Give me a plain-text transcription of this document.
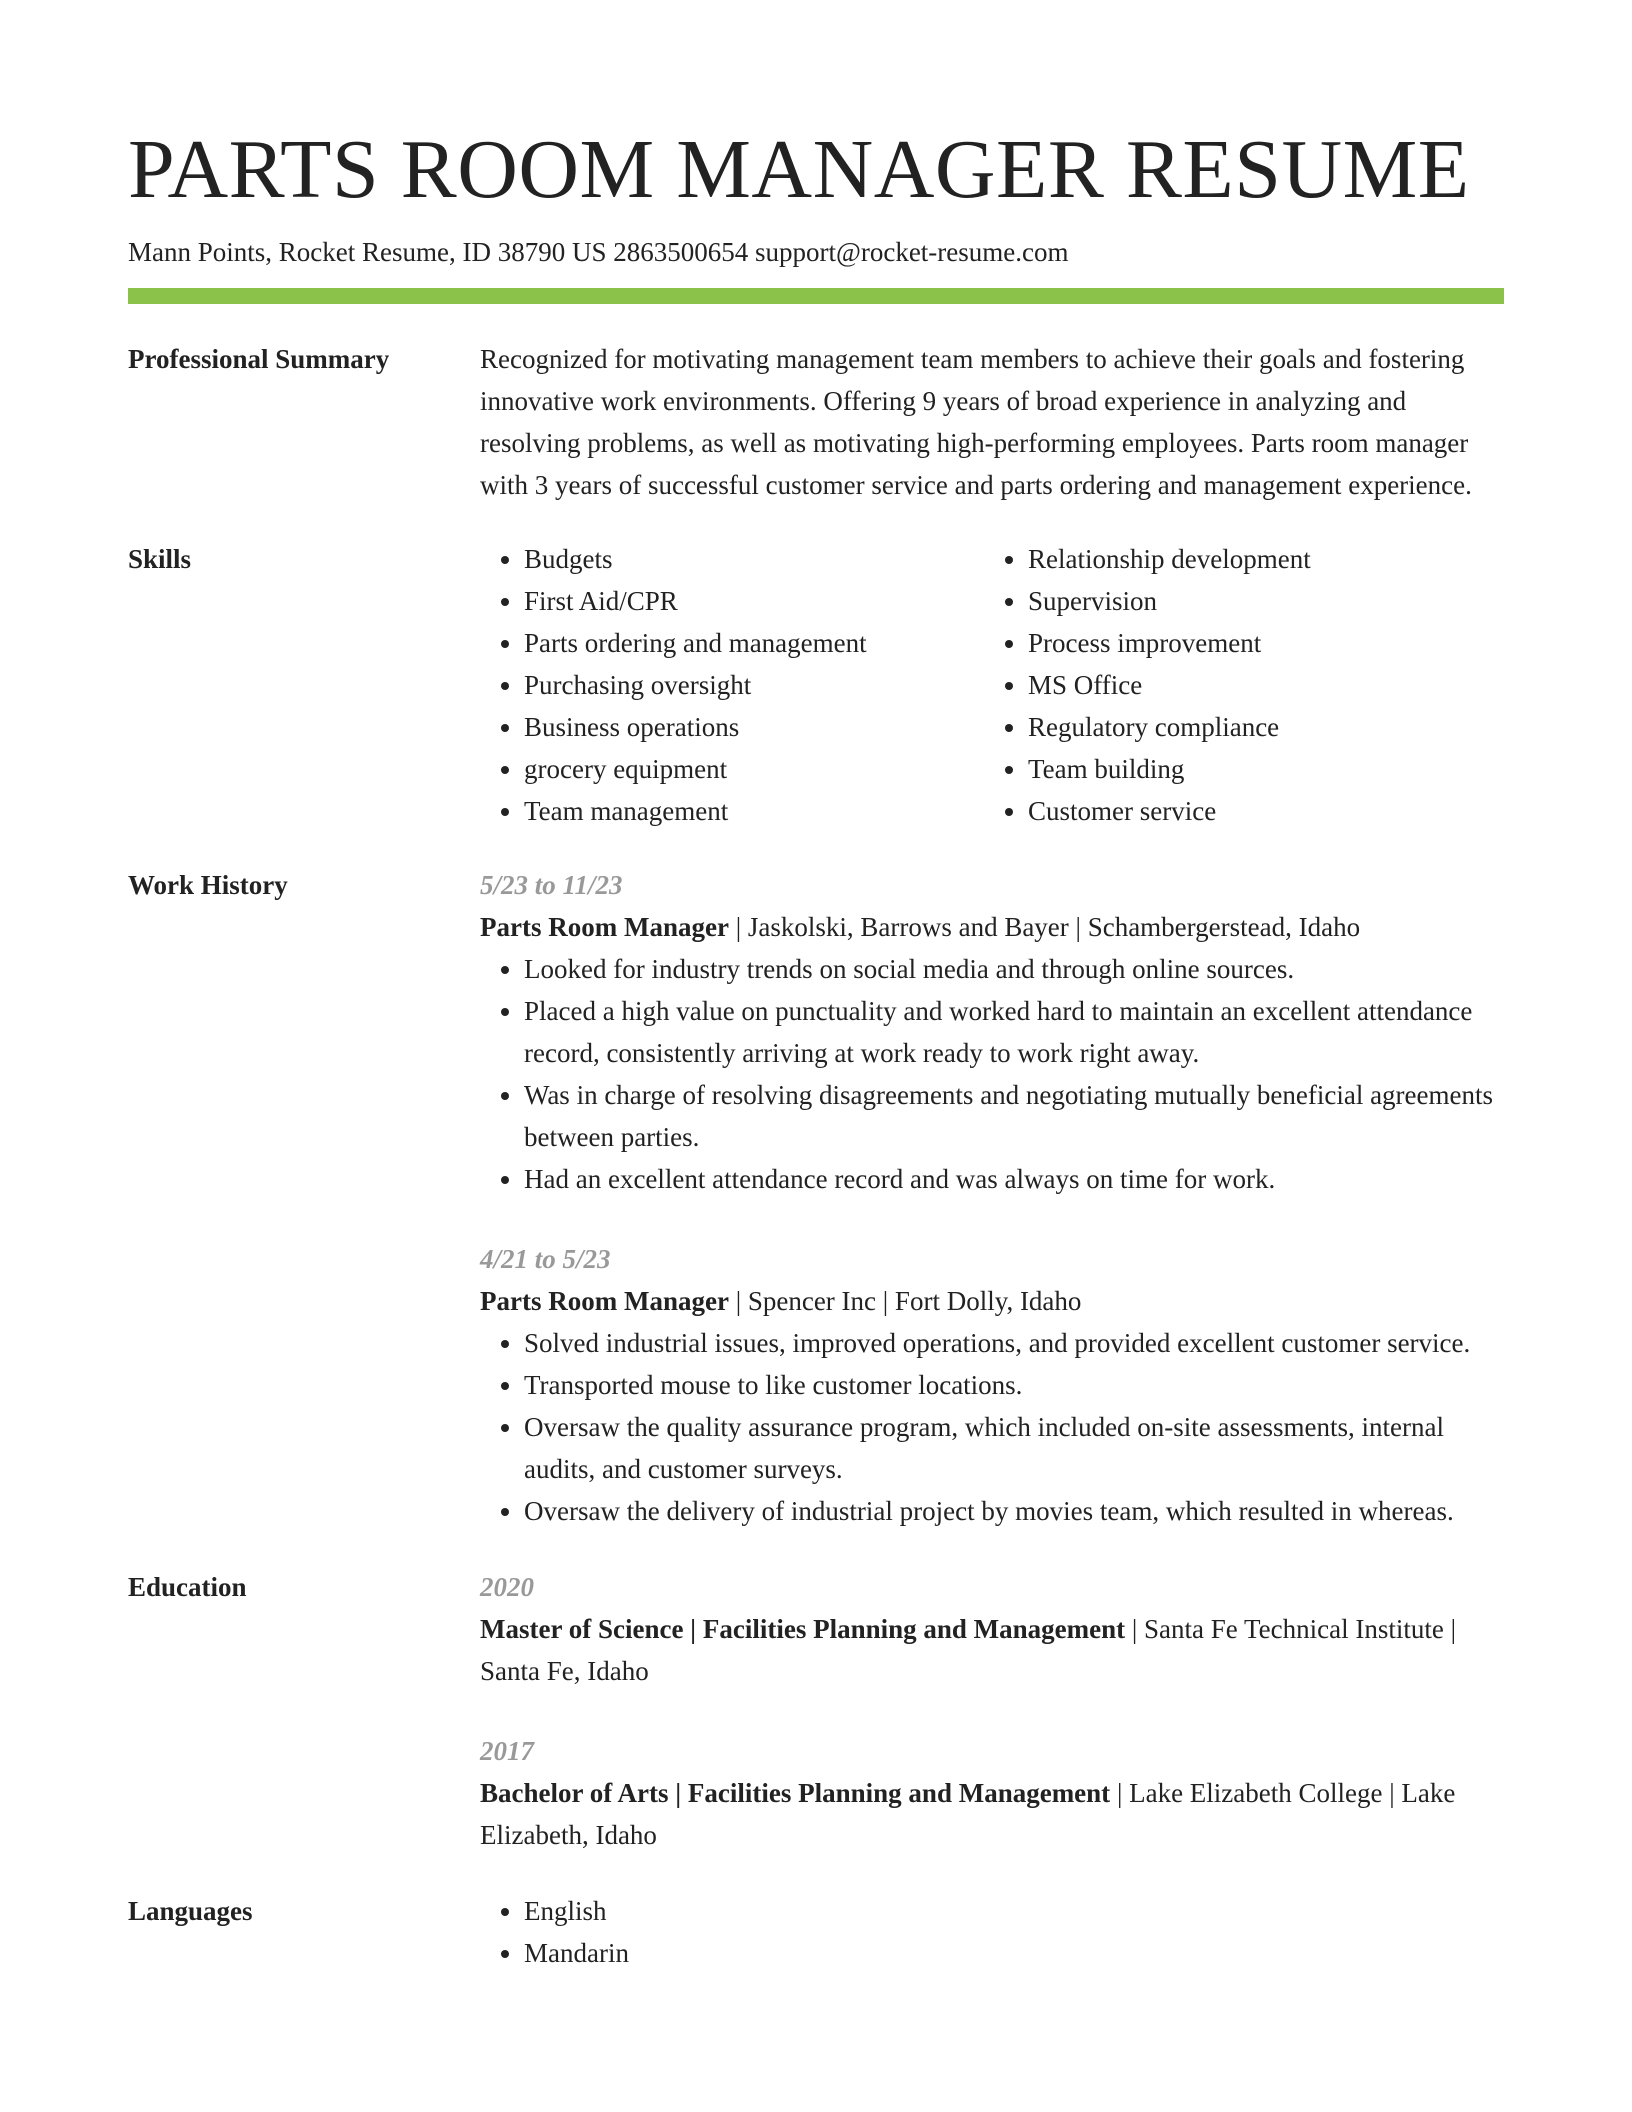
PARTS ROOM MANAGER RESUME
Mann Points, Rocket Resume, ID 38790 US 2863500654 support@rocket-resume.com
Professional Summary	Recognized for motivating management team members to achieve their goals and fostering innovative work environments. Offering 9 years of broad experience in analyzing and resolving problems, as well as motivating high-performing employees. Parts room manager with 3 years of successful customer service and parts ordering and management experience.
Skills	• Budgets
• First Aid/CPR
• Parts ordering and management
• Purchasing oversight
• Business operations
• grocery equipment
• Team management
• Relationship development
• Supervision
• Process improvement
• MS Office
• Regulatory compliance
• Team building
• Customer service
Work History	5/23 to 11/23

Parts Room Manager | Jaskolski, Barrows and Bayer | Schambergerstead, Idaho

• Looked for industry trends on social media and through online sources.
• Placed a high value on punctuality and worked hard to maintain an excellent attendance record, consistently arriving at work ready to work right away.
• Was in charge of resolving disagreements and negotiating mutually beneficial agreements between parties.
• Had an excellent attendance record and was always on time for work.
4/21 to 5/23

Parts Room Manager | Spencer Inc | Fort Dolly, Idaho

• Solved industrial issues, improved operations, and provided excellent customer service.
• Transported mouse to like customer locations.
• Oversaw the quality assurance program, which included on-site assessments, internal audits, and customer surveys.
• Oversaw the delivery of industrial project by movies team, which resulted in whereas.
Education	2020

Master of Science | Facilities Planning and Management | Santa Fe Technical Institute | Santa Fe, Idaho

2017

Bachelor of Arts | Facilities Planning and Management | Lake Elizabeth College | Lake Elizabeth, Idaho

Languages	• English
• Mandarin
